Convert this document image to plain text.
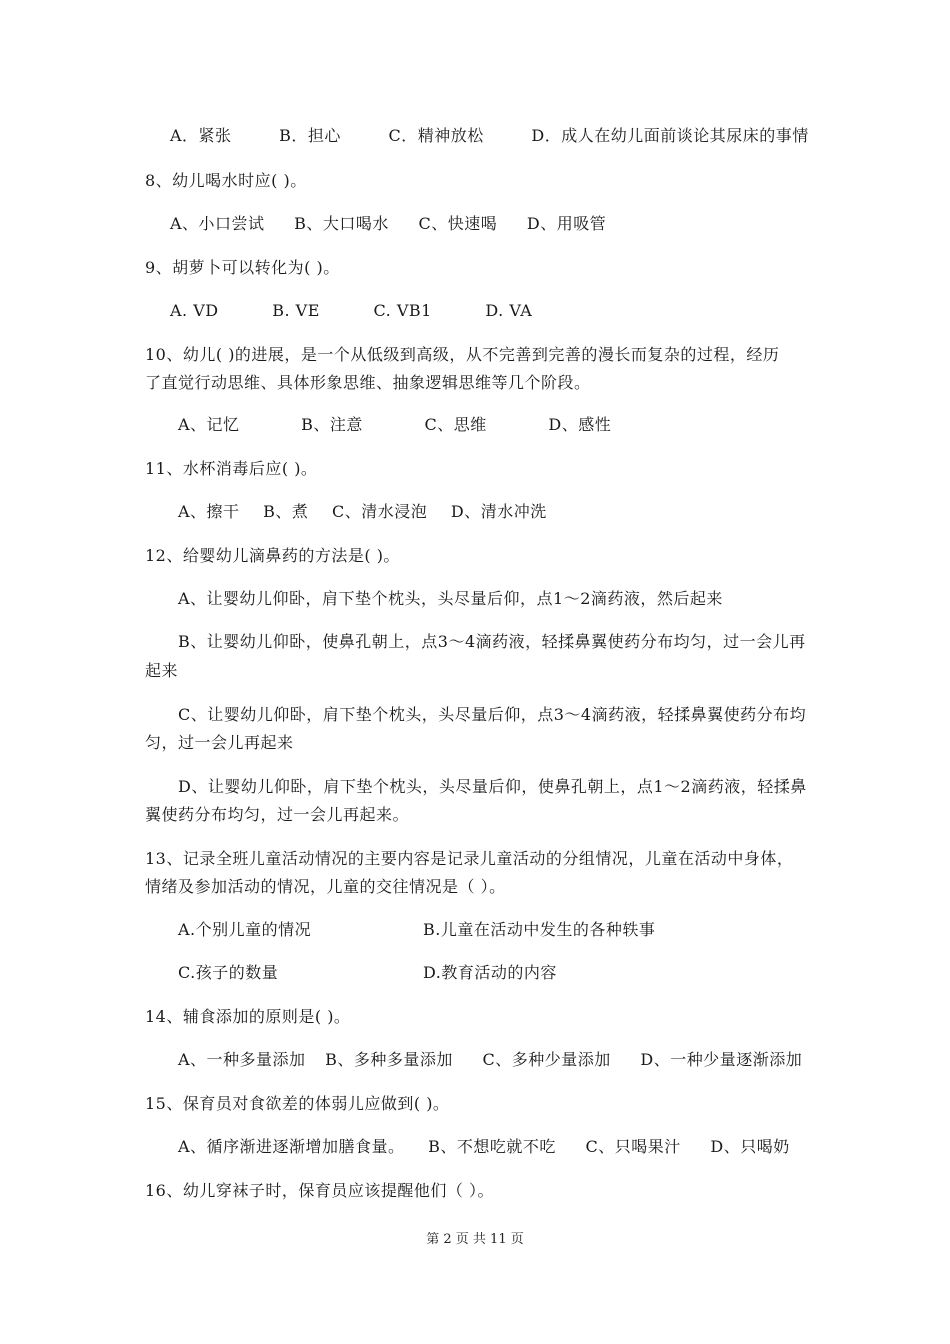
A．紧张	B．担心	C．精神放松	D．成人在幼儿面前谈论其尿床的事情
8、幼儿喝水时应( )。
A、小口尝试 B、大口喝水 C、快速喝 D、用吸管
9、胡萝卜可以转化为( )。
A. VD	B. VE	C. VB1	D. VA
10、幼儿( )的进展，是一个从低级到高级，从不完善到完善的漫长而复杂的过程，经历
了直觉行动思维、具体形象思维、抽象逻辑思维等几个阶段。
A、记忆	B、注意	C、思维	D、感性
11、水杯消毒后应( )。
A、擦干 B、煮 C、清水浸泡 D、清水冲洗
12、给婴幼儿滴鼻药的方法是( )。
A、让婴幼儿仰卧，肩下垫个枕头，头尽量后仰，点1～2滴药液，然后起来
B、让婴幼儿仰卧，使鼻孔朝上，点3～4滴药液，轻揉鼻翼使药分布均匀，过一会儿再
起来
C、让婴幼儿仰卧，肩下垫个枕头，头尽量后仰，点3～4滴药液，轻揉鼻翼使药分布均
匀，过一会儿再起来
D、让婴幼儿仰卧，肩下垫个枕头，头尽量后仰，使鼻孔朝上，点1～2滴药液，轻揉鼻
翼使药分布均匀，过一会儿再起来。
13、记录全班儿童活动情况的主要内容是记录儿童活动的分组情况，儿童在活动中身体，
情绪及参加活动的情况，儿童的交往情况是（ ）。
A.个别儿童的情况	B.儿童在活动中发生的各种轶事
C.孩子的数量	D.教育活动的内容
14、辅食添加的原则是( )。
A、一种多量添加 B、多种多量添加 C、多种少量添加 D、一种少量逐渐添加
15、保育员对食欲差的体弱儿应做到( )。
A、循序渐进逐渐增加膳食量。 B、不想吃就不吃 C、只喝果汁 D、只喝奶
16、幼儿穿袜子时，保育员应该提醒他们（ ）。
第 2 页 共 11 页
